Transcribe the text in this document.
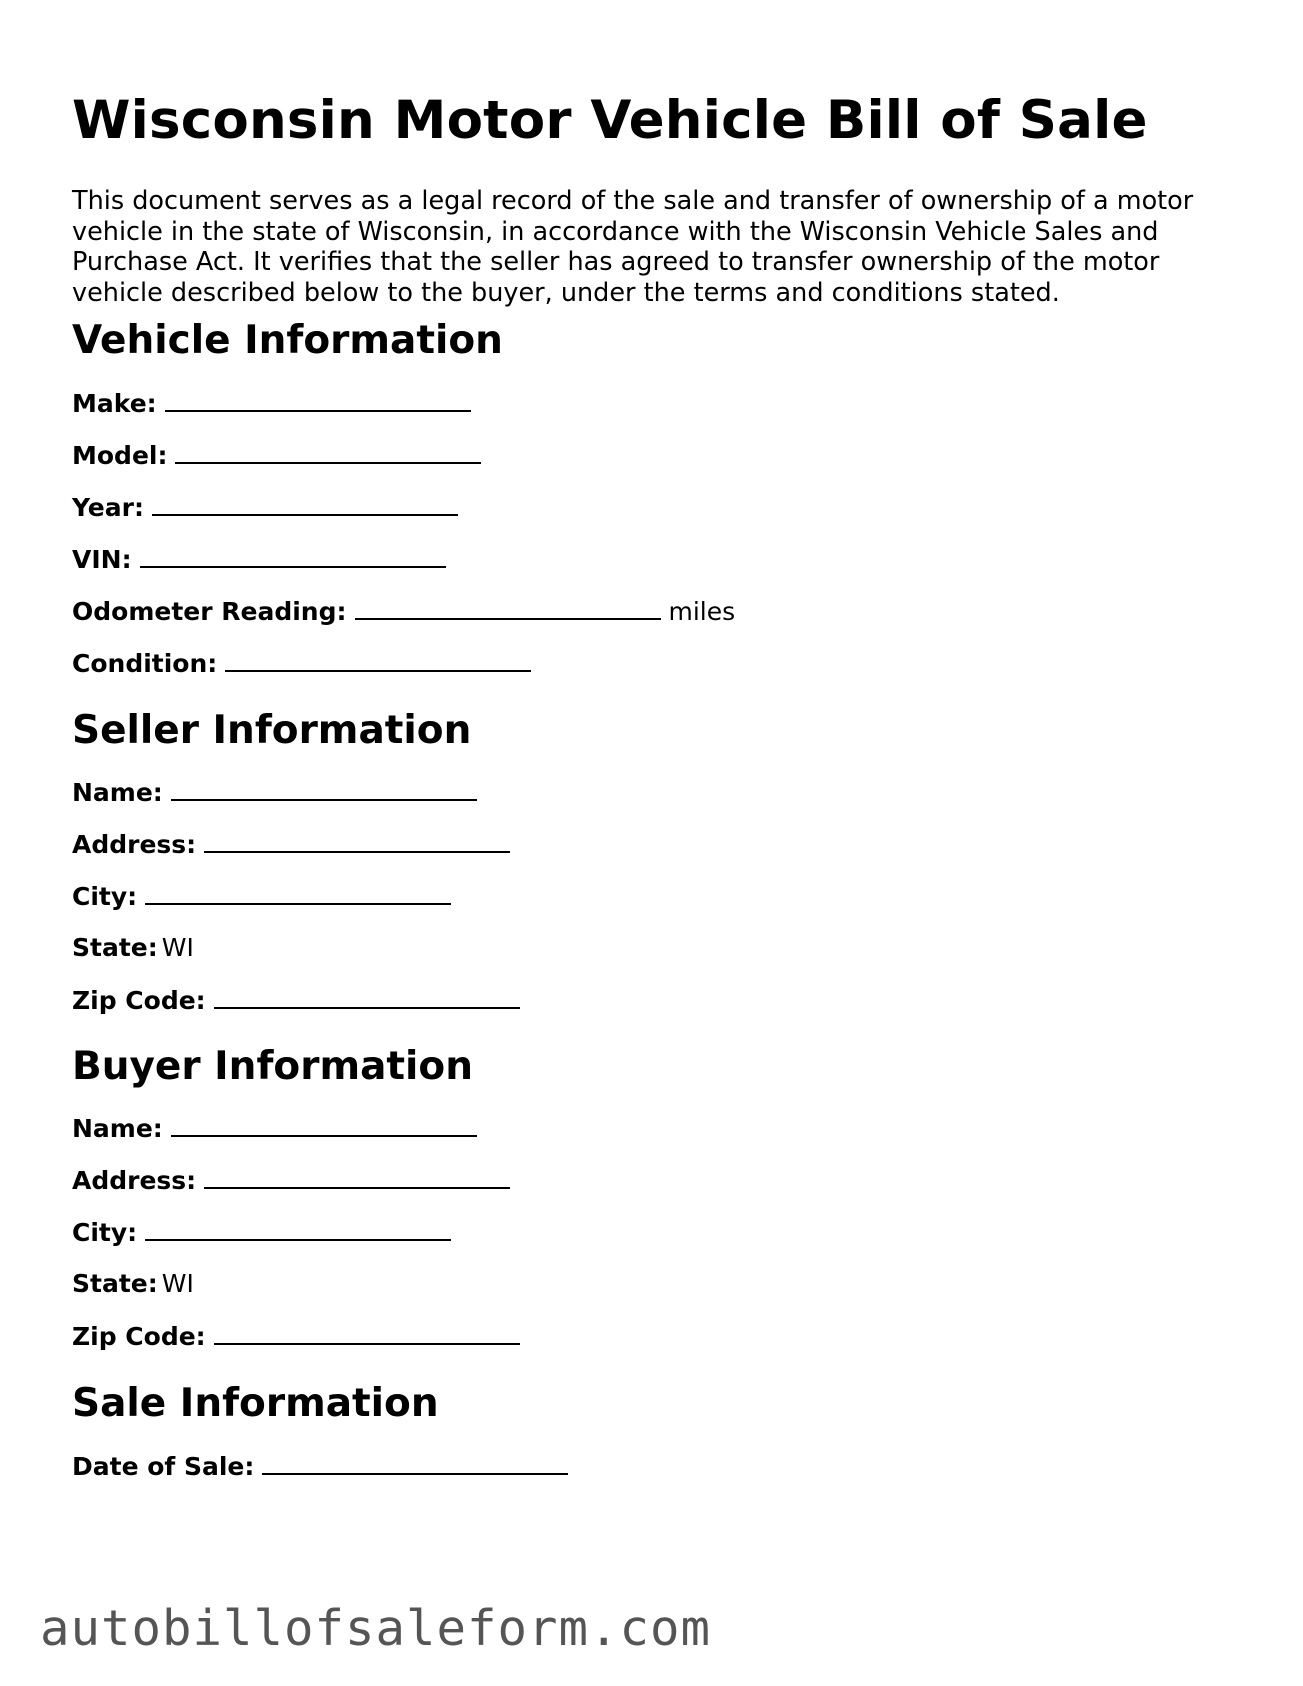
Wisconsin Motor Vehicle Bill of Sale

This document serves as a legal record of the sale and transfer of ownership of a motor vehicle in the state of Wisconsin, in accordance with the Wisconsin Vehicle Sales and Purchase Act. It verifies that the seller has agreed to transfer ownership of the motor vehicle described below to the buyer, under the terms and conditions stated.

Vehicle Information
Make:
Model:
Year:
VIN:
Odometer Reading:	miles
Condition:
Seller Information
Name:
Address:
City:
State: WI
Zip Code:
Buyer Information
Name:
Address:
City:
State: WI
Zip Code:
Sale Information
Date of Sale:
autobillofsaleform.com
